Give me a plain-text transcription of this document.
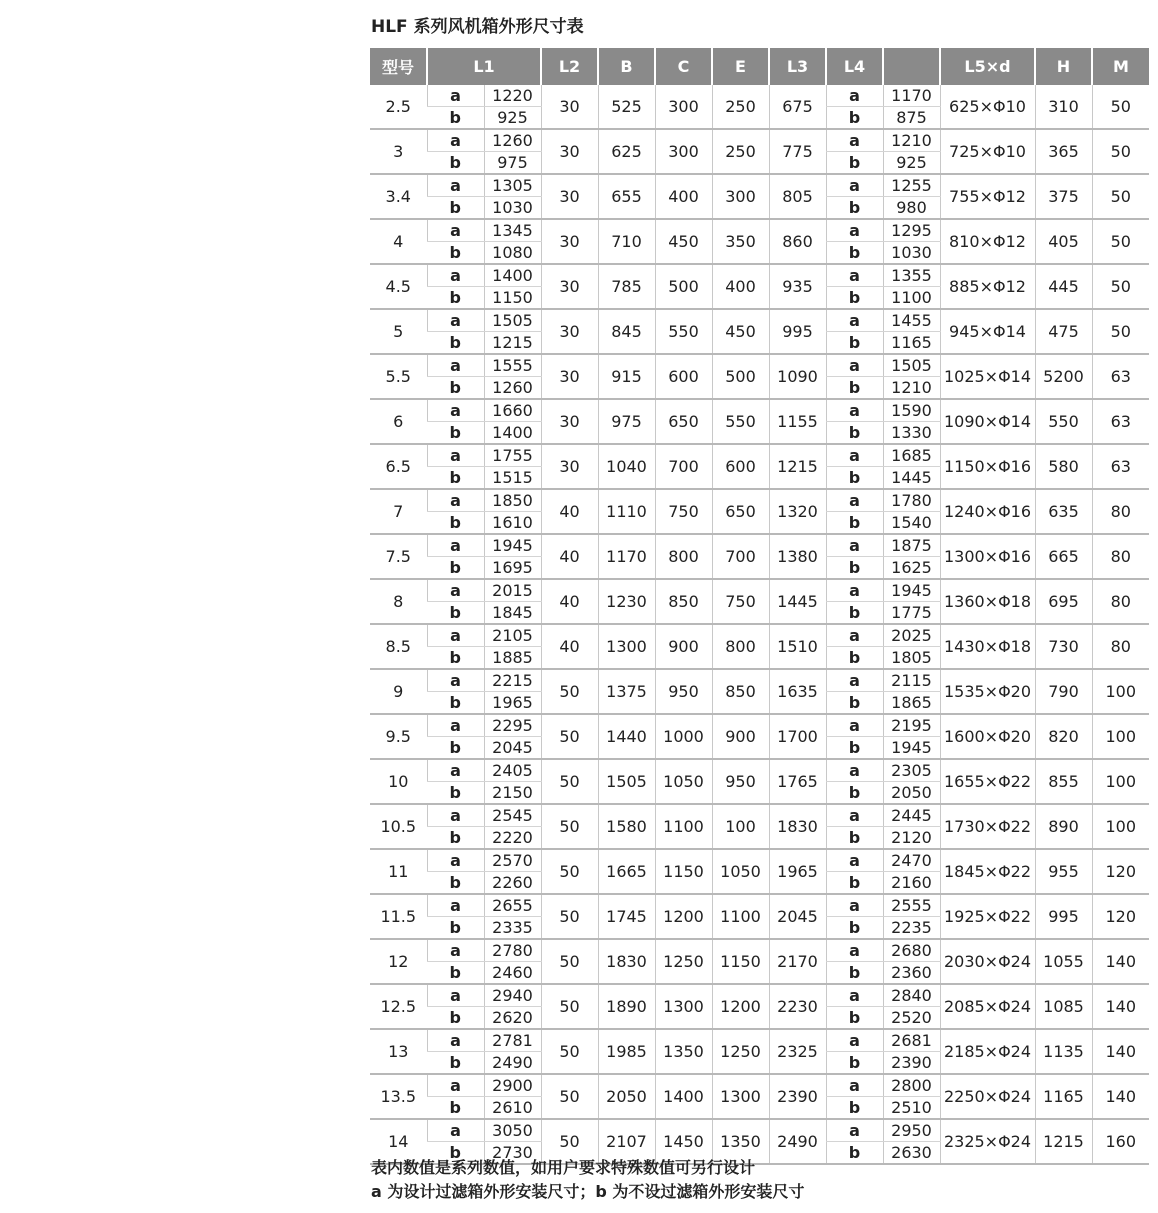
HLF 系列风机箱外形尺寸表
型号	L1		L2	B	C	E	L3	L4		L5×d	H	M
2.5	a	1220	30	525	300	250	675	a	1170	625×Φ10	310	50
	b	925						b	875			
3	a	1260	30	625	300	250	775	a	1210	725×Φ10	365	50
	b	975						b	925			
3.4	a	1305	30	655	400	300	805	a	1255	755×Φ12	375	50
	b	1030						b	980			
4	a	1345	30	710	450	350	860	a	1295	810×Φ12	405	50
	b	1080						b	1030			
4.5	a	1400	30	785	500	400	935	a	1355	885×Φ12	445	50
	b	1150						b	1100			
5	a	1505	30	845	550	450	995	a	1455	945×Φ14	475	50
	b	1215						b	1165			
5.5	a	1555	30	915	600	500	1090	a	1505	1025×Φ14	5200	63
	b	1260						b	1210			
6	a	1660	30	975	650	550	1155	a	1590	1090×Φ14	550	63
	b	1400						b	1330			
6.5	a	1755	30	1040	700	600	1215	a	1685	1150×Φ16	580	63
	b	1515						b	1445			
7	a	1850	40	1110	750	650	1320	a	1780	1240×Φ16	635	80
	b	1610						b	1540			
7.5	a	1945	40	1170	800	700	1380	a	1875	1300×Φ16	665	80
	b	1695						b	1625			
8	a	2015	40	1230	850	750	1445	a	1945	1360×Φ18	695	80
	b	1845						b	1775			
8.5	a	2105	40	1300	900	800	1510	a	2025	1430×Φ18	730	80
	b	1885						b	1805			
9	a	2215	50	1375	950	850	1635	a	2115	1535×Φ20	790	100
	b	1965						b	1865			
9.5	a	2295	50	1440	1000	900	1700	a	2195	1600×Φ20	820	100
	b	2045						b	1945			
10	a	2405	50	1505	1050	950	1765	a	2305	1655×Φ22	855	100
	b	2150						b	2050			
10.5	a	2545	50	1580	1100	100	1830	a	2445	1730×Φ22	890	100
	b	2220						b	2120			
11	a	2570	50	1665	1150	1050	1965	a	2470	1845×Φ22	955	120
	b	2260						b	2160			
11.5	a	2655	50	1745	1200	1100	2045	a	2555	1925×Φ22	995	120
	b	2335						b	2235			
12	a	2780	50	1830	1250	1150	2170	a	2680	2030×Φ24	1055	140
	b	2460						b	2360			
12.5	a	2940	50	1890	1300	1200	2230	a	2840	2085×Φ24	1085	140
	b	2620						b	2520			
13	a	2781	50	1985	1350	1250	2325	a	2681	2185×Φ24	1135	140
	b	2490						b	2390			
13.5	a	2900	50	2050	1400	1300	2390	a	2800	2250×Φ24	1165	140
	b	2610						b	2510			
14	a	3050	50	2107	1450	1350	2490	a	2950	2325×Φ24	1215	160
	b	2730						b	2630			
表内数值是系列数值，如用户要求特殊数值可另行设计
a 为设计过滤箱外形安装尺寸；b 为不设过滤箱外形安装尺寸
